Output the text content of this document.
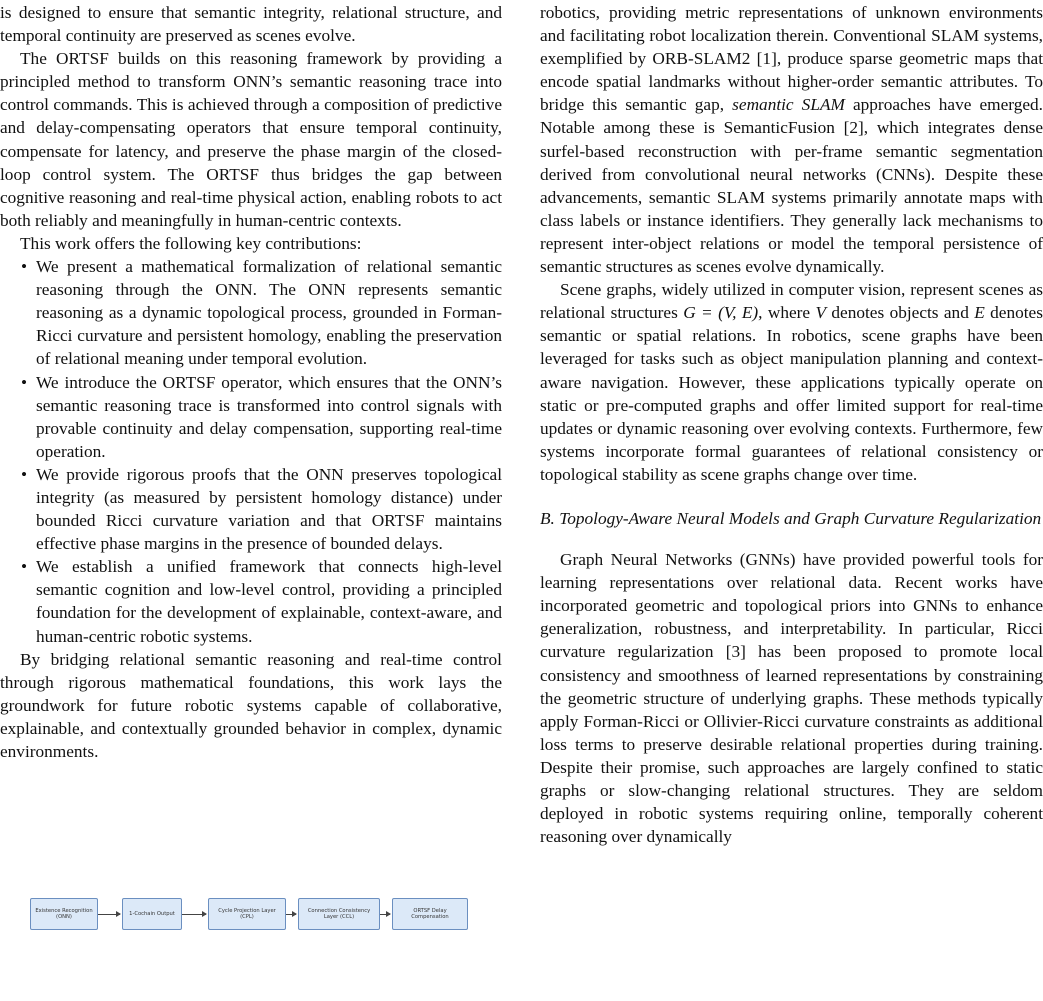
is designed to ensure that semantic integrity, relational structure, and temporal continuity are preserved as scenes evolve.

The ORTSF builds on this reasoning framework by providing a principled method to transform ONN’s semantic reasoning trace into control commands. This is achieved through a composition of predictive and delay-compensating operators that ensure temporal continuity, compensate for latency, and preserve the phase margin of the closed-loop control system. The ORTSF thus bridges the gap between cognitive reasoning and real-time physical action, enabling robots to act both reliably and meaningfully in human-centric contexts.

This work offers the following key contributions:

• We present a mathematical formalization of relational semantic reasoning through the ONN. The ONN represents semantic reasoning as a dynamic topological process, grounded in Forman-Ricci curvature and persistent homology, enabling the preservation of relational meaning under temporal evolution.
• We introduce the ORTSF operator, which ensures that the ONN’s semantic reasoning trace is transformed into control signals with provable continuity and delay compensation, supporting real-time operation.
• We provide rigorous proofs that the ONN preserves topological integrity (as measured by persistent homology distance) under bounded Ricci curvature variation and that ORTSF maintains effective phase margins in the presence of bounded delays.
• We establish a unified framework that connects high-level semantic cognition and low-level control, providing a principled foundation for the development of explainable, context-aware, and human-centric robotic systems.

By bridging relational semantic reasoning and real-time control through rigorous mathematical foundations, this work lays the groundwork for future robotic systems capable of collaborative, explainable, and contextually grounded behavior in complex, dynamic environments.

Existence Recognition (ONN)
1-Cochain Output
Cycle Projection Layer (CPL)
Connection Consistency Layer (CCL)
ORTSF Delay Compensation

robotics, providing metric representations of unknown environments and facilitating robot localization therein. Conventional SLAM systems, exemplified by ORB-SLAM2 [1], produce sparse geometric maps that encode spatial landmarks without higher-order semantic attributes. To bridge this semantic gap, semantic SLAM approaches have emerged. Notable among these is SemanticFusion [2], which integrates dense surfel-based reconstruction with per-frame semantic segmentation derived from convolutional neural networks (CNNs). Despite these advancements, semantic SLAM systems primarily annotate maps with class labels or instance identifiers. They generally lack mechanisms to represent inter-object relations or model the temporal persistence of semantic structures as scenes evolve dynamically.

Scene graphs, widely utilized in computer vision, represent scenes as relational structures G = (V, E), where V denotes objects and E denotes semantic or spatial relations. In robotics, scene graphs have been leveraged for tasks such as object manipulation planning and context-aware navigation. However, these applications typically operate on static or pre-computed graphs and offer limited support for real-time updates or dynamic reasoning over evolving contexts. Furthermore, few systems incorporate formal guarantees of relational consistency or topological stability as scene graphs change over time.

B. Topology-Aware Neural Models and Graph Curvature Regularization

Graph Neural Networks (GNNs) have provided powerful tools for learning representations over relational data. Recent works have incorporated geometric and topological priors into GNNs to enhance generalization, robustness, and interpretability. In particular, Ricci curvature regularization [3] has been proposed to promote local consistency and smoothness of learned representations by constraining the geometric structure of underlying graphs. These methods typically apply Forman-Ricci or Ollivier-Ricci curvature constraints as additional loss terms to preserve desirable relational properties during training. Despite their promise, such approaches are largely confined to static graphs or slow-changing relational structures. They are seldom deployed in robotic systems requiring online, temporally coherent reasoning over dynamically
